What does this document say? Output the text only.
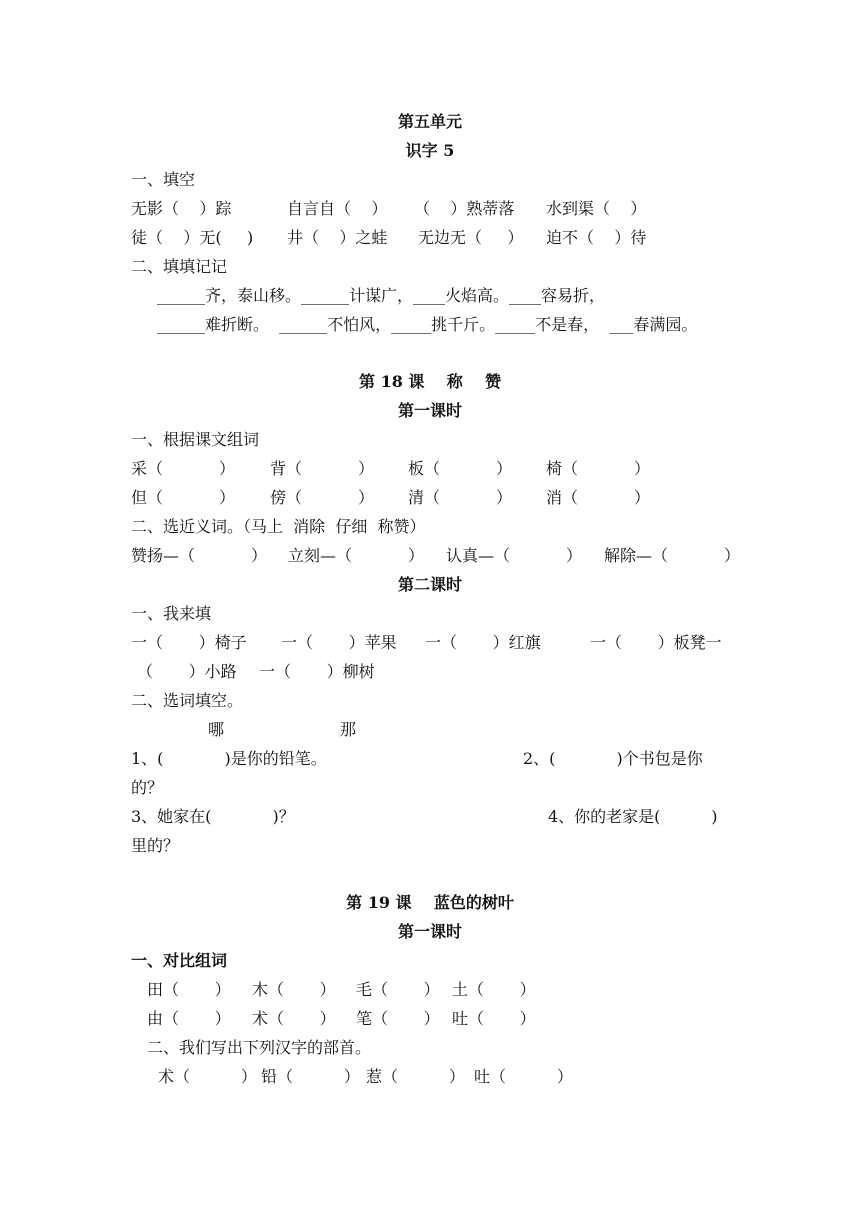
第五单元
识字 5
一、填空
无影（    ）踪	自言自（    ） （    ）熟蒂落 水到渠（    ）
徒（    ）无(     ) 井（    ）之蛙 无边无（     ） 迫不（    ）待
二、填填记记
______齐，泰山移。______计谋广，____火焰高。____容易折，
______难折断。  ______不怕风，_____挑千斤。_____不是春，  ___春满园。
第 18 课    称    赞
第一课时
一、根据课文组词
采（           ） 背（           ） 板（           ） 椅（           ）
但（           ） 傍（           ） 清（           ） 消（           ）
二、选近义词。（马上  消除  仔细  称赞）
赞扬—（           ） 立刻—（           ） 认真—（           ） 解除—（           ）
第二课时
一、我来填
一（       ）椅子 一（       ）苹果 一（       ）红旗	一（       ）板凳一
（       ）小路 一（       ）柳树
二、选词填空。
哪	那
1、(            )是你的铅笔。	2、(            )个书包是你
的？
3、她家在(            )？	4、你的老家是(          )
里的？
第 19 课    蓝色的树叶
第一课时
一、对比组词
田（       ） 木（       ） 毛（       ） 土（       ）
由（       ） 术（       ） 笔（       ） 吐（       ）
二、我们写出下列汉字的部首。
术（          ） 铅（          ） 惹（          ） 吐（          ）
